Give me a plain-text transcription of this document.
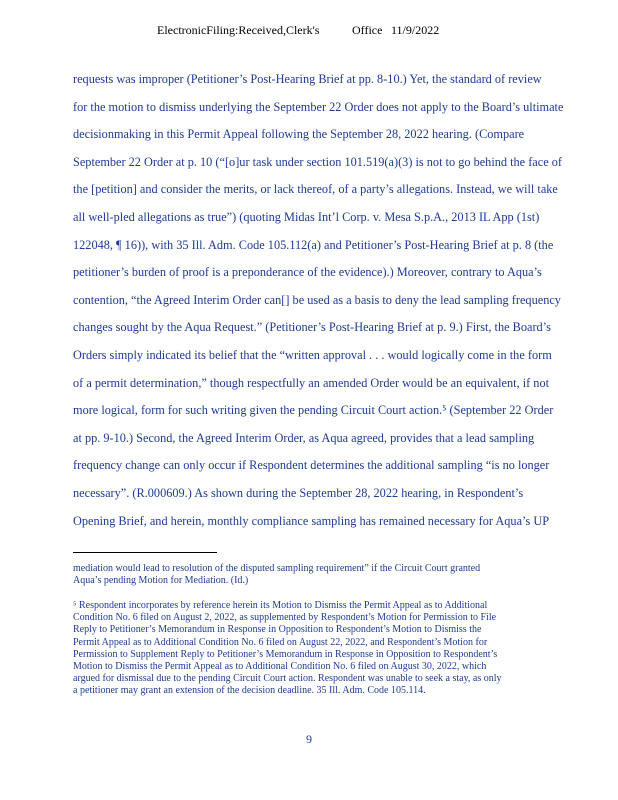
ElectronicFiling:Received,Clerk's	Office 11/9/2022
requests was improper (Petitioner’s Post-Hearing Brief at pp. 8-10.) Yet, the standard of review
for the motion to dismiss underlying the September 22 Order does not apply to the Board’s ultimate
decisionmaking in this Permit Appeal following the September 28, 2022 hearing. (Compare
September 22 Order at p. 10 (“[o]ur task under section 101.519(a)(3) is not to go behind the face of
the [petition] and consider the merits, or lack thereof, of a party’s allegations. Instead, we will take
all well-pled allegations as true”) (quoting Midas Int’l Corp. v. Mesa S.p.A., 2013 IL App (1st)
122048, ¶ 16)), with 35 Ill. Adm. Code 105.112(a) and Petitioner’s Post-Hearing Brief at p. 8 (the
petitioner’s burden of proof is a preponderance of the evidence).) Moreover, contrary to Aqua’s
contention, “the Agreed Interim Order can[] be used as a basis to deny the lead sampling frequency
changes sought by the Aqua Request.” (Petitioner’s Post-Hearing Brief at p. 9.) First, the Board’s
Orders simply indicated its belief that the “written approval . . . would logically come in the form
of a permit determination,” though respectfully an amended Order would be an equivalent, if not
more logical, form for such writing given the pending Circuit Court action.⁵ (September 22 Order
at pp. 9-10.) Second, the Agreed Interim Order, as Aqua agreed, provides that a lead sampling
frequency change can only occur if Respondent determines the additional sampling “is no longer
necessary”. (R.000609.) As shown during the September 28, 2022 hearing, in Respondent’s
Opening Brief, and herein, monthly compliance sampling has remained necessary for Aqua’s UP
mediation would lead to resolution of the disputed sampling requirement” if the Circuit Court granted
Aqua’s pending Motion for Mediation. (Id.)
⁵ Respondent incorporates by reference herein its Motion to Dismiss the Permit Appeal as to Additional
Condition No. 6 filed on August 2, 2022, as supplemented by Respondent’s Motion for Permission to File
Reply to Petitioner’s Memorandum in Response in Opposition to Respondent’s Motion to Dismiss the
Permit Appeal as to Additional Condition No. 6 filed on August 22, 2022, and Respondent’s Motion for
Permission to Supplement Reply to Petitioner’s Memorandum in Response in Opposition to Respondent’s
Motion to Dismiss the Permit Appeal as to Additional Condition No. 6 filed on August 30, 2022, which
argued for dismissal due to the pending Circuit Court action. Respondent was unable to seek a stay, as only
a petitioner may grant an extension of the decision deadline. 35 Ill. Adm. Code 105.114.
9
